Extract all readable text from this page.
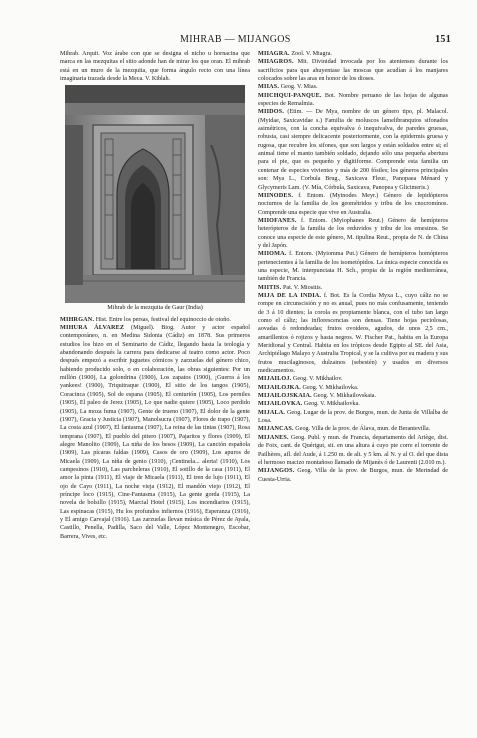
MIHRAB — MIJANGOS	151

Mihrab. Arquit. Voz árabe con que se designa el nicho u hornacina que marca en las mezquitas el sitio adonde han de mirar los que oran. El mihrab está en un muro de la mezquita, que forma ángulo recto con una línea imaginaria trazada desde la Meca. V. Kiblah.

Mihrab de la mezquita de Gaur (India)

MIHRGAN. Hist. Entre los persas, festival del equinoccio de otoño.

MIHURA ÁLVAREZ (Miguel). Biog. Autor y actor español contemporáneo, n. en Medina Sidonia (Cádiz) en 1878. Sus primeros estudios los hizo en el Seminario de Cádiz, llegando hasta la teología y abandonando después la carrera para dedicarse al teatro como actor. Poco después empezó a escribir juguetes cómicos y zarzuelas del género chico, habiendo producido solo, o en colaboración, las obras siguientes: Por un millón (1900), La golondrina (1900), Los zapatos (1900), ¡Guerra á los yankees! (1900), Triquitraque (1900), El sitio de los tangos (1905), Coracinca (1905), Sol de espana (1905), El centurión (1905), Los perniles (1905), El paleo de Jerez (1905), Lo que nadie quiere (1905), Loco perdido (1905), La moza fuma (1907), Gente de trueno (1907), El dolor de la gente (1907), Gracia y Justicia (1907), Manolsucra (1907), Flores de trapo (1907), La costa azul (1907), El fantasma (1907), La reina de las tintas (1907), Rosa temprana (1907), El pueblo del pitero (1907), Pajaritos y flores (1909), El alegre Manolito (1909), La niña de los besos (1909), La canción española (1909), Las pícaras faldas (1909), Casos de oro (1909), Los apuros de Micaela (1909), La niña de genio (1910), ¡Centinela... alerta! (1910), Los campesinos (1910), Las parcheleras (1910), El sotillo de la casa (1911), El amor la pinta (1911), El viaje de Micaela (1911), El tren de lujo (1911), El ojo de Cayo (1911), La noche vieja (1912), El mandón viejo (1912), El príncipe loco (1915), Cine-Fantasma (1915), La gente gorda (1915), La novela de bolsillo (1915), Marcial Hotel (1915), Los incendiarios (1915), Las espinacas (1915), Hu los profundos infiernos (1916), Esperanza (1916), y El amigo Carvajal (1916). Las zarzuelas llevan música de Pérez de Ayala, Castillo, Penella, Padilla, Saco del Valle, López Montenegro, Escobar, Barrera, Vives, etc.

MIIAGRA. Zool. V. Miagra.

MIIAGROS. Mit. Divinidad invocada por los atenienses durante los sacrificios para que ahuyentase las moscas que acudían á los manjares colocados sobre las aras en honor de los dioses.

MIIAS. Geog. V. Mias.

MIICHQUI-PANQUE. Bot. Nombre peruano de las hojas de algunas especies de Remalmia.

MIIDOS. (Etim. — De Mya, nombre de un género tipo, pl. Malacol. (Myidae, Saxicavidae s.) Familia de moluscos lamelibranquios sifonados asimétricos, con la concha equivalva ó inequivalva, de paredes gruesas, robusta, casi siempre delicacente posteriormente, con la epidermis gruesa y rugosa, que recubre los sifones, que son largos y están soldados entre si; el animal tiene el manto también soldado, dejando sólo una pequeña abertura para el pie, que es pequeño y digitiforme. Comprende esta familia un centenar de especies vivientes y más de 200 fósiles; los géneros principales son: Mya L., Corbula Brug., Saxicava Fleur., Panopaea Ménard y Glycymeris Lam. (V. Mía, Córbula, Saxicava, Panopea y Glicimeris.)

MIINODES. f. Entom. (Myinodes Meyr.) Género de lepidópteros nocturnos de la familia de los geométridos y tribu de los cnocromínos. Comprende una especie que vive en Australia.

MIIOFANES. f. Entom. (Myiophanes Reut.) Género de hemípteros heterópteros de la familia de los reduvidos y tribu de los emesinos. Se conoce una especie de este género, M. tipulina Reut., propia de N. de China y del Japón.

MIIOMA. f. Entom. (Myiomma Put.) Género de hemípteros homópteros pertenecientes á la familia de los isometópidos. La única especie conocida es una especie, M. interpunctata H. Sch., propia de la región mediterránea, también de Francia.

MIITIS. Pat. V. Miositis.

MIJA DE LA INDIA. f. Bot. Es la Cordia Myxa L., cuyo cáliz no se rompe en circunscisión y no es anual, pues no más confusamente, teniendo de 3 á 10 dientes; la corola es propiamente blanca, con el tubo tan largo como el cáliz; las inflorescencias son densas. Tiene hojas peciolosas, aovadas ó redondeadas; frutos ovoideos, agudos, de unos 2,5 cm., amarillentos ó rojizos y hasta negros. W. Fischer Pat., habita en la Europa Meridional y Central. Habita en los trópicos desde Egipto al SE. del Asia, Archipiélago Malayo y Australia Tropical, y se la cultiva por su madera y sus frutos mucilaginosos, dulzainos (sebestén) y usados en diversos medicamentos.

MIJAILOJ. Geog. V. Mikhailov.

MIJAILOJKA. Geog. V. Mikhailovka.

MIJAILOJSKAIA. Geog. V. Mikhailovskaia.

MIJAILOVKA. Geog. V. Mikhailovka.

MIJALA. Geog. Lugar de la prov. de Burgos, mun. de Junta de Villalba de Losa.

MIJANCAS. Geog. Villa de la prov. de Álava, mun. de Berantevilla.

MIJANES. Geog. Publ. y mun. de Francia, departamento del Ariège, dist. de Foix, cant. de Quérigut, sit. en una altura á cuyo pie corre el torrente de Pailhères, afl. del Aude, á 1.250 m. de alt. y 5 km. al N. y al O. del que dista el hermoso macizo montañoso llamado de Mijanès ó de Laurenti (2.010 m.).

MIJANGOS. Geog. Villa de la prov. de Burgos, mun. de Merindad de Cuesta-Urria.
